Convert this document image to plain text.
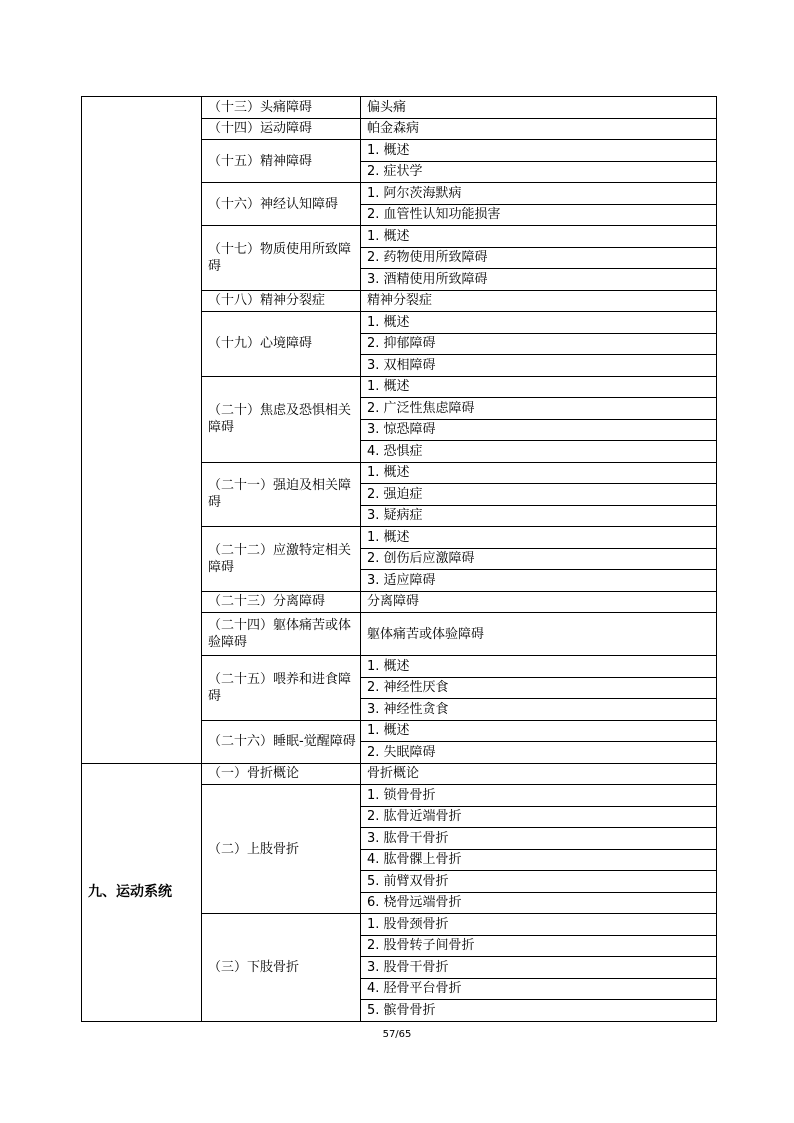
	（十三）头痛障碍	偏头痛
	（十四）运动障碍	帕金森病
	（十五）精神障碍	1. 概述
		2. 症状学
	（十六）神经认知障碍	1. 阿尔茨海默病
		2. 血管性认知功能损害
	（十七）物质使用所致障碍	1. 概述
		2. 药物使用所致障碍
		3. 酒精使用所致障碍
	（十八）精神分裂症	精神分裂症
	（十九）心境障碍	1. 概述
		2. 抑郁障碍
		3. 双相障碍
	（二十）焦虑及恐惧相关障碍	1. 概述
		2. 广泛性焦虑障碍
		3. 惊恐障碍
		4. 恐惧症
	（二十一）强迫及相关障碍	1. 概述
		2. 强迫症
		3. 疑病症
	（二十二）应激特定相关障碍	1. 概述
		2. 创伤后应激障碍
		3. 适应障碍
	（二十三）分离障碍	分离障碍
	（二十四）躯体痛苦或体验障碍	躯体痛苦或体验障碍
	（二十五）喂养和进食障碍	1. 概述
		2. 神经性厌食
		3. 神经性贪食
	（二十六）睡眠-觉醒障碍	1. 概述
		2. 失眠障碍
九、运动系统	（一）骨折概论	骨折概论
	（二）上肢骨折	1. 锁骨骨折
		2. 肱骨近端骨折
		3. 肱骨干骨折
		4. 肱骨髁上骨折
		5. 前臂双骨折
		6. 桡骨远端骨折
	（三）下肢骨折	1. 股骨颈骨折
		2. 股骨转子间骨折
		3. 股骨干骨折
		4. 胫骨平台骨折
		5. 髌骨骨折
57/65
